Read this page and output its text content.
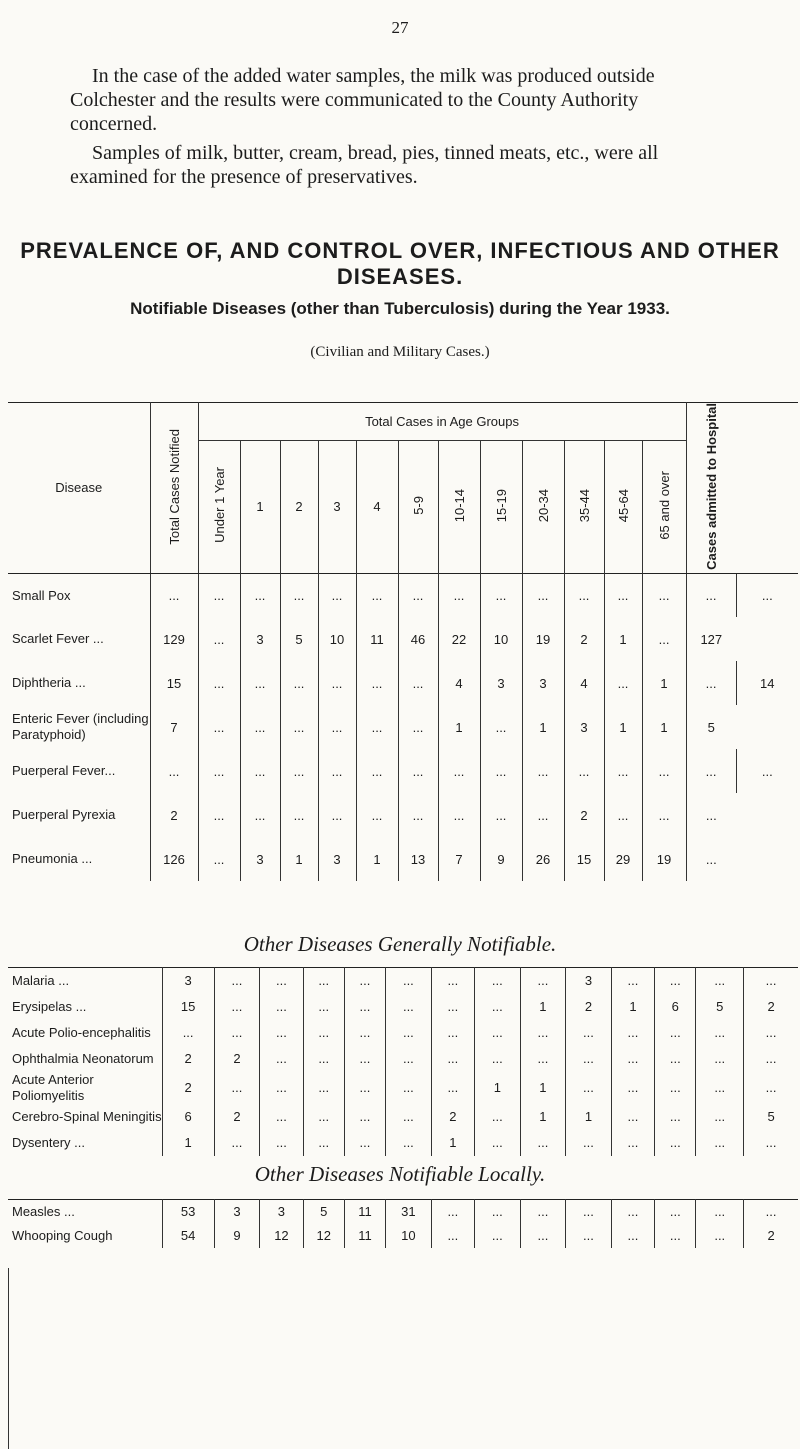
27

In the case of the added water samples, the milk was produced outside Colchester and the results were communicated to the County Authority concerned.

Samples of milk, butter, cream, bread, pies, tinned meats, etc., were all examined for the presence of preservatives.

PREVALENCE OF, AND CONTROL OVER, INFECTIOUS AND OTHER DISEASES.
Notifiable Diseases (other than Tuberculosis) during the Year 1933.
(Civilian and Military Cases.)
Disease	Total Cases Notified	Total Cases in Age Groups												Cases admitted to Hospital	
		Under 1 Year	1	2	3	4	5-9	10-14	15-19	20-34	35-44	45-64	65 and over		
Small Pox	...	...	...	...	...	...	...	...	...	...	...	...	...	...	...
Scarlet Fever ...	129	...	3	5	10	11	46	22	10	19	2	1	...	127	
Diphtheria ...	15	...	...	...	...	...	...	4	3	3	4	...	1	...	14
Enteric Fever (including Paratyphoid)	7	...	...	...	...	...	...	1	...	1	3	1	1	5	
Puerperal Fever...	...	...	...	...	...	...	...	...	...	...	...	...	...	...	...
Puerperal Pyrexia	2	...	...	...	...	...	...	...	...	...	2	...	...	...	
Pneumonia ...	126	...	3	1	3	1	13	7	9	26	15	29	19	...	
Other Diseases Generally Notifiable.
Malaria ...	3	...	...	...	...	...	...	...	...	3	...	...	...	...
Erysipelas ...	15	...	...	...	...	...	...	...	1	2	1	6	5	2
Acute Polio-encephalitis	...	...	...	...	...	...	...	...	...	...	...	...	...	...
Ophthalmia Neonatorum	2	2	...	...	...	...	...	...	...	...	...	...	...	...
Acute Anterior Poliomyelitis	2	...	...	...	...	...	...	1	1	...	...	...	...	...
Cerebro-Spinal Meningitis	6	2	...	...	...	...	2	...	1	1	...	...	...	5
Dysentery ...	1	...	...	...	...	...	1	...	...	...	...	...	...	...
Other Diseases Notifiable Locally.
Measles ...	53	3	3	5	11	31	...	...	...	...	...	...	...	...
Whooping Cough	54	9	12	12	11	10	...	...	...	...	...	...	...	2
